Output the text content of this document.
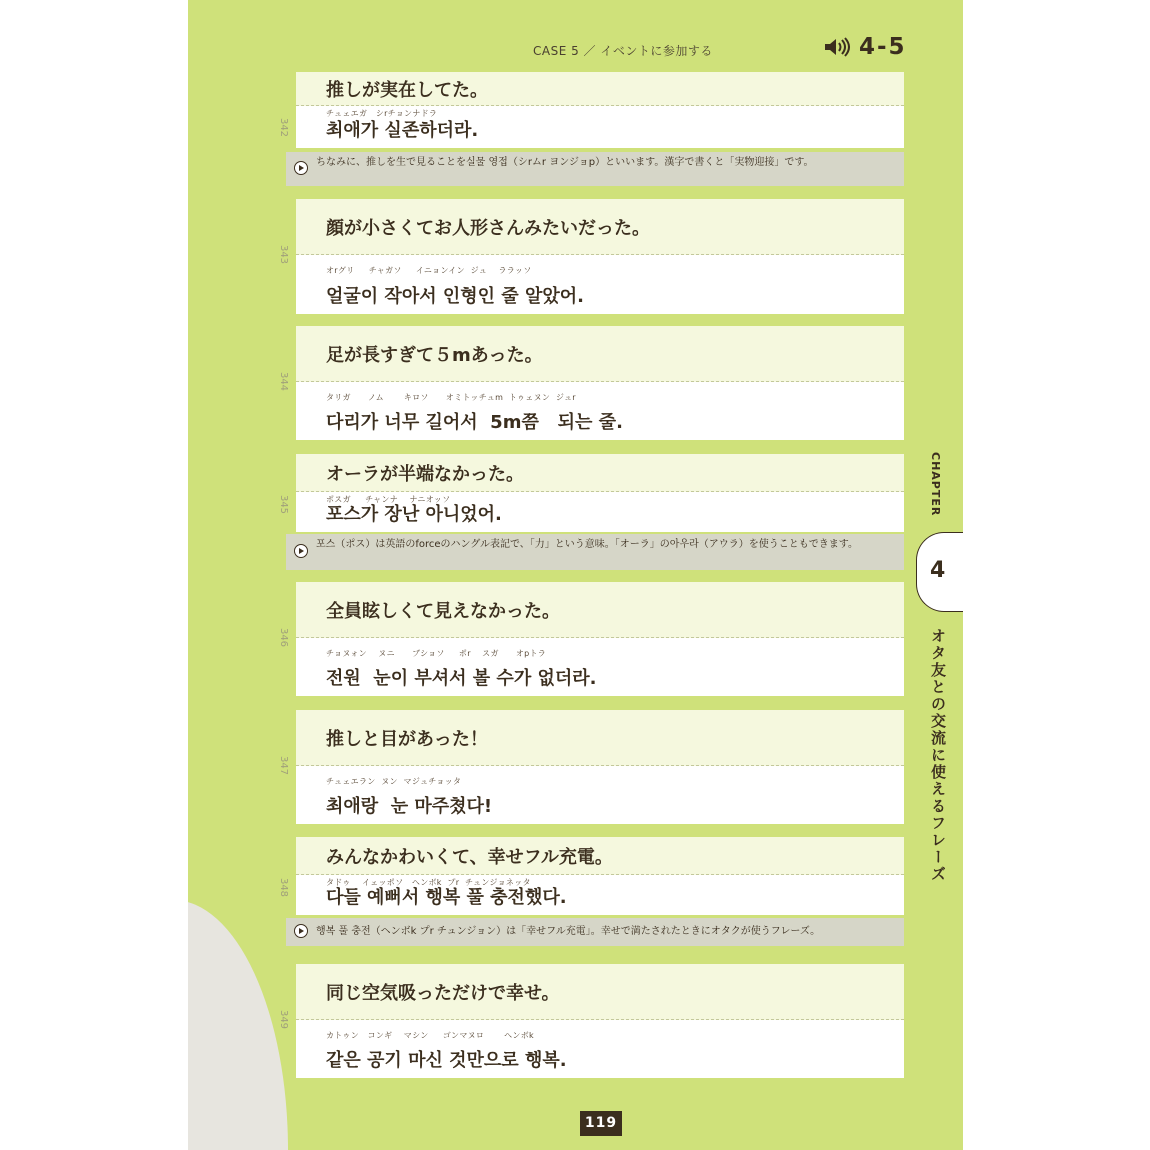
CASE 5 ／ イベントに参加する	4-5
342
推しが実在してた。
チュェエガ   シrチョンナドラ
최애가 실존하더라.
ちなみに、推しを生で見ることを실물 영접（シrムr ヨンジョp）といいます。漢字で書くと「実物迎接」です。
343
顔が小さくてお人形さんみたいだった。
オrグリ     チャガソ     イニョンイン  ジュ    ララッソ
얼굴이 작아서 인형인 줄 알았어.
344
足が長すぎて５mあった。
タリガ      ノム       キロソ      オミトッチュm  トゥェヌン  ジュr
다리가 너무 길어서  5m쯤   되는 줄.
345
オーラが半端なかった。
ポスガ     チャンナ    ナニオッソ
포스가 장난 아니었어.
포스（ポス）は英語のforceのハングル表記で、「力」という意味。「オーラ」の아우라（アウラ）を使うこともできます。
346
全員眩しくて見えなかった。
チョヌォン    ヌニ      ブショソ     ポr    スガ      オpトラ
전원  눈이 부셔서 볼 수가 없더라.
347
推しと目があった！
チュェエラン  ヌン  マジュチョッタ
최애랑  눈 마주쳤다!
348
みんなかわいくて、幸せフル充電。
タドゥ    イェッポソ   ヘンボk  プr  チュンジョネッタ
다들 예뻐서 행복 풀 충전했다.
행복 풀 충전（ヘンボk プr チュンジョン）は「幸せフル充電」。幸せで満たされたときにオタクが使うフレーズ。
349
同じ空気吸っただけで幸せ。
カトゥン   コンギ    マシン     ゴンマヌロ       ヘンボk
같은 공기 마신 것만으로 행복.
CHAPTER
4
オタ友との交流に使えるフレーズ
119
